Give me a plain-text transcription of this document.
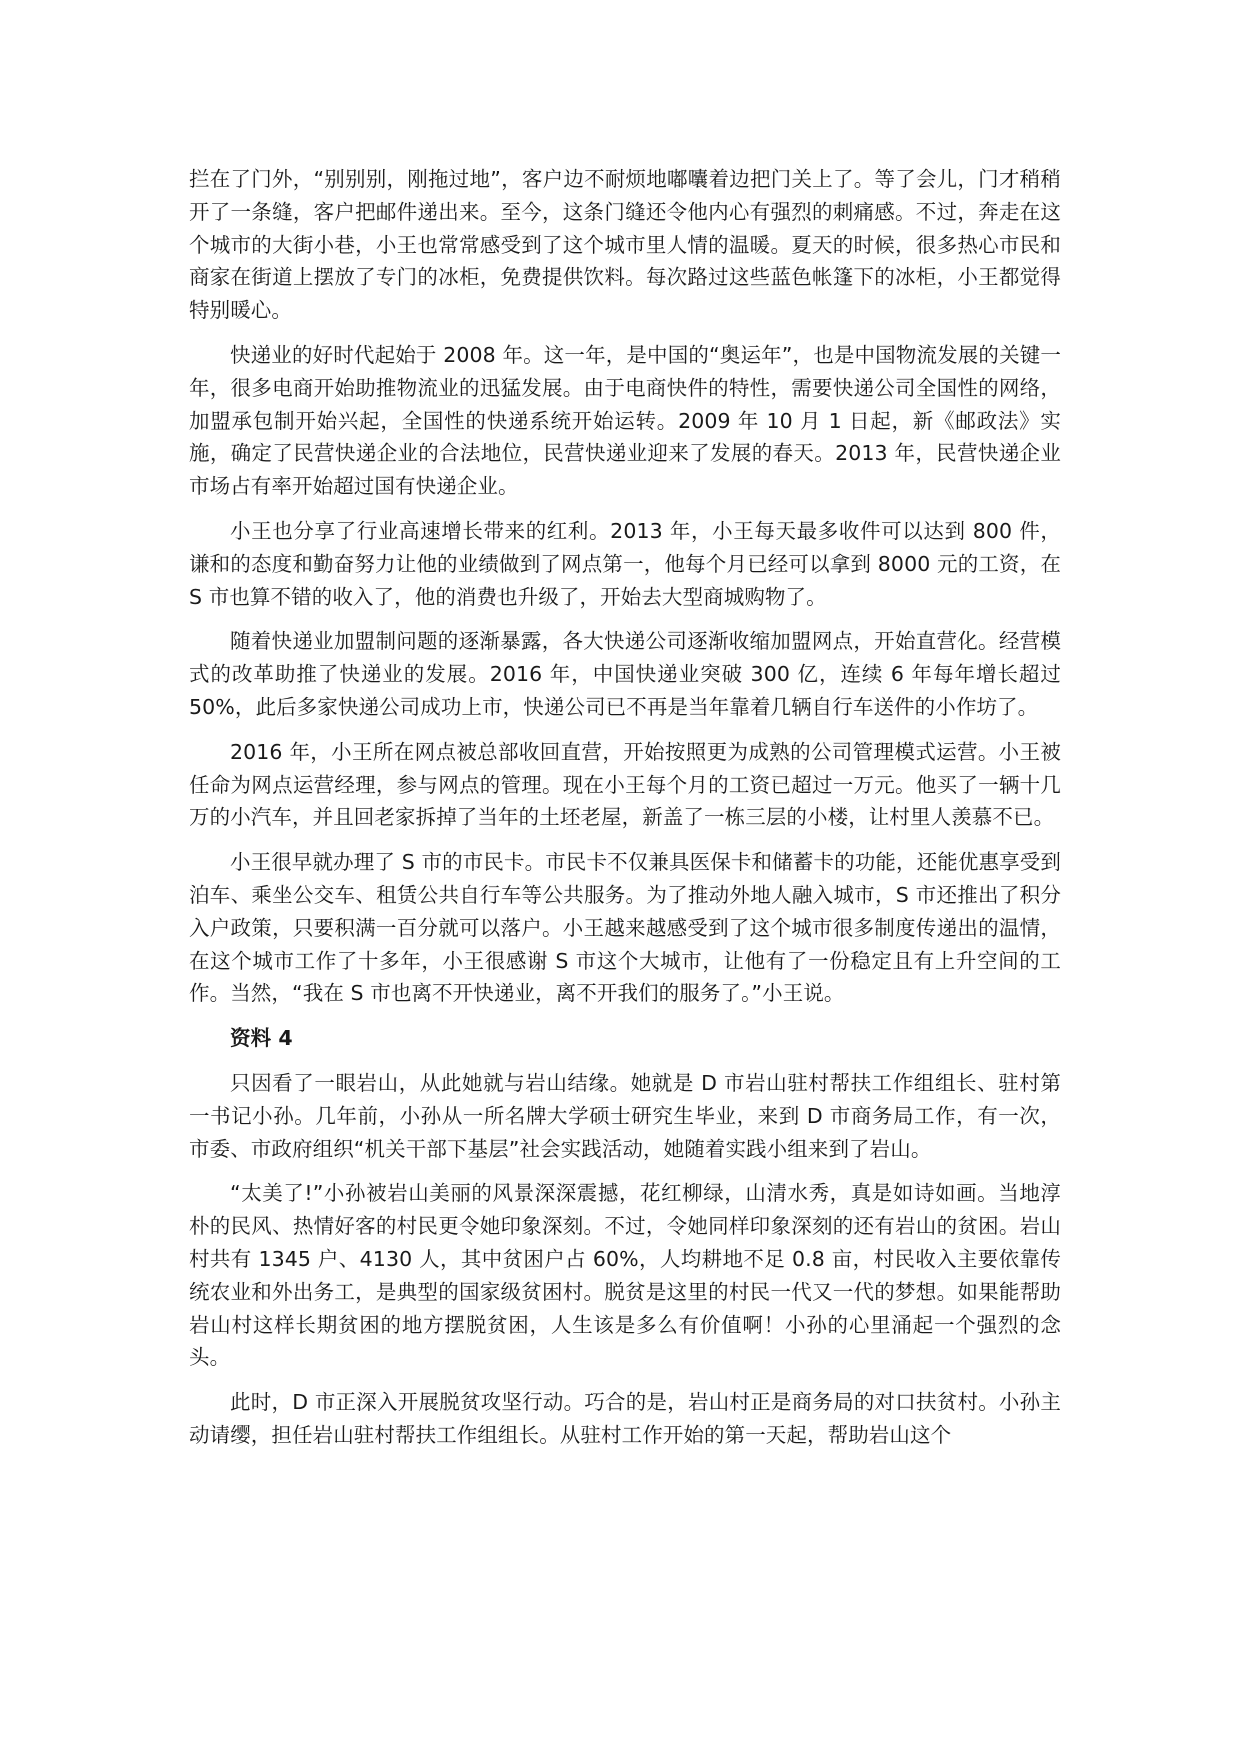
拦在了门外，“别别别，刚拖过地”，客户边不耐烦地嘟囔着边把门关上了。等了会儿，门才稍稍开了一条缝，客户把邮件递出来。至今，这条门缝还令他内心有强烈的刺痛感。不过，奔走在这个城市的大街小巷，小王也常常感受到了这个城市里人情的温暖。夏天的时候，很多热心市民和商家在街道上摆放了专门的冰柜，免费提供饮料。每次路过这些蓝色帐篷下的冰柜，小王都觉得特别暖心。

快递业的好时代起始于 2008 年。这一年，是中国的“奥运年”，也是中国物流发展的关键一年，很多电商开始助推物流业的迅猛发展。由于电商快件的特性，需要快递公司全国性的网络，加盟承包制开始兴起，全国性的快递系统开始运转。2009 年 10 月 1 日起，新《邮政法》实施，确定了民营快递企业的合法地位，民营快递业迎来了发展的春天。2013 年，民营快递企业市场占有率开始超过国有快递企业。

小王也分享了行业高速增长带来的红利。2013 年，小王每天最多收件可以达到 800 件，谦和的态度和勤奋努力让他的业绩做到了网点第一，他每个月已经可以拿到 8000 元的工资，在 S 市也算不错的收入了，他的消费也升级了，开始去大型商城购物了。

随着快递业加盟制问题的逐渐暴露，各大快递公司逐渐收缩加盟网点，开始直营化。经营模式的改革助推了快递业的发展。2016 年，中国快递业突破 300 亿，连续 6 年每年增长超过 50%，此后多家快递公司成功上市，快递公司已不再是当年靠着几辆自行车送件的小作坊了。

2016 年，小王所在网点被总部收回直营，开始按照更为成熟的公司管理模式运营。小王被任命为网点运营经理，参与网点的管理。现在小王每个月的工资已超过一万元。他买了一辆十几万的小汽车，并且回老家拆掉了当年的土坯老屋，新盖了一栋三层的小楼，让村里人羡慕不已。

小王很早就办理了 S 市的市民卡。市民卡不仅兼具医保卡和储蓄卡的功能，还能优惠享受到泊车、乘坐公交车、租赁公共自行车等公共服务。为了推动外地人融入城市，S 市还推出了积分入户政策，只要积满一百分就可以落户。小王越来越感受到了这个城市很多制度传递出的温情，在这个城市工作了十多年，小王很感谢 S 市这个大城市，让他有了一份稳定且有上升空间的工作。当然，“我在 S 市也离不开快递业，离不开我们的服务了。”小王说。

资料 4

只因看了一眼岩山，从此她就与岩山结缘。她就是 D 市岩山驻村帮扶工作组组长、驻村第一书记小孙。几年前，小孙从一所名牌大学硕士研究生毕业，来到 D 市商务局工作，有一次，市委、市政府组织“机关干部下基层”社会实践活动，她随着实践小组来到了岩山。

“太美了!”小孙被岩山美丽的风景深深震撼，花红柳绿，山清水秀，真是如诗如画。当地淳朴的民风、热情好客的村民更令她印象深刻。不过，令她同样印象深刻的还有岩山的贫困。岩山村共有 1345 户、4130 人，其中贫困户占 60%，人均耕地不足 0.8 亩，村民收入主要依靠传统农业和外出务工，是典型的国家级贫困村。脱贫是这里的村民一代又一代的梦想。如果能帮助岩山村这样长期贫困的地方摆脱贫困，人生该是多么有价值啊！小孙的心里涌起一个强烈的念头。

此时，D 市正深入开展脱贫攻坚行动。巧合的是，岩山村正是商务局的对口扶贫村。小孙主动请缨，担任岩山驻村帮扶工作组组长。从驻村工作开始的第一天起，帮助岩山这个
